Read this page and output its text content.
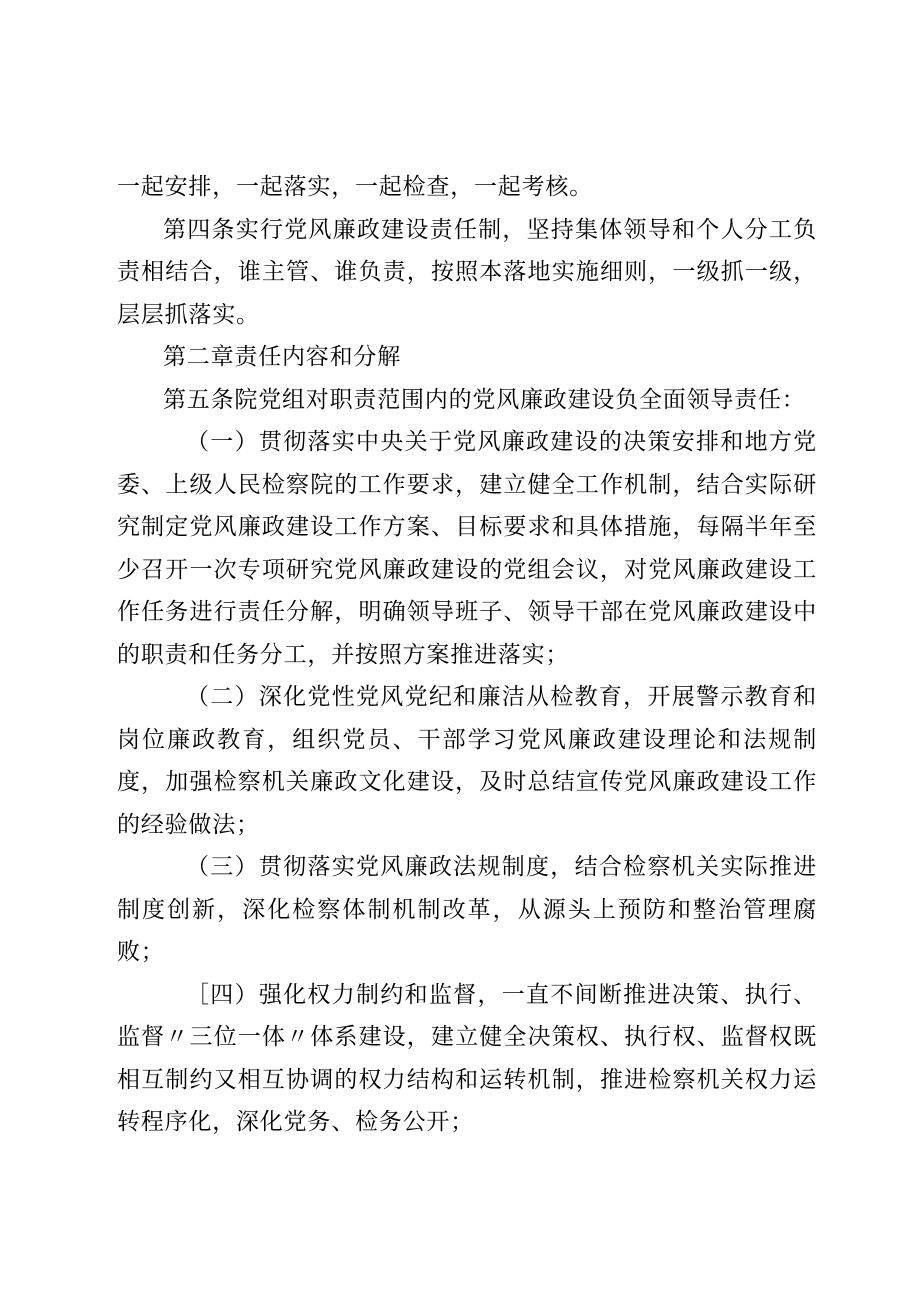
一起安排，一起落实，一起检查，一起考核。

第四条实行党风廉政建设责任制，坚持集体领导和个人分工负责相结合，谁主管、谁负责，按照本落地实施细则，一级抓一级，层层抓落实。

第二章责任内容和分解

第五条院党组对职责范围内的党风廉政建设负全面领导责任：

（一）贯彻落实中央关于党风廉政建设的决策安排和地方党委、上级人民检察院的工作要求，建立健全工作机制，结合实际研究制定党风廉政建设工作方案、目标要求和具体措施，每隔半年至少召开一次专项研究党风廉政建设的党组会议，对党风廉政建设工作任务进行责任分解，明确领导班子、领导干部在党风廉政建设中的职责和任务分工，并按照方案推进落实；

（二）深化党性党风党纪和廉洁从检教育，开展警示教育和岗位廉政教育，组织党员、干部学习党风廉政建设理论和法规制度，加强检察机关廉政文化建设，及时总结宣传党风廉政建设工作的经验做法；

（三）贯彻落实党风廉政法规制度，结合检察机关实际推进制度创新，深化检察体制机制改革，从源头上预防和整治管理腐败；

［四）强化权力制约和监督，一直不间断推进决策、执行、监督〃三位一体〃体系建设，建立健全决策权、执行权、监督权既相互制约又相互协调的权力结构和运转机制，推进检察机关权力运转程序化，深化党务、检务公开；
